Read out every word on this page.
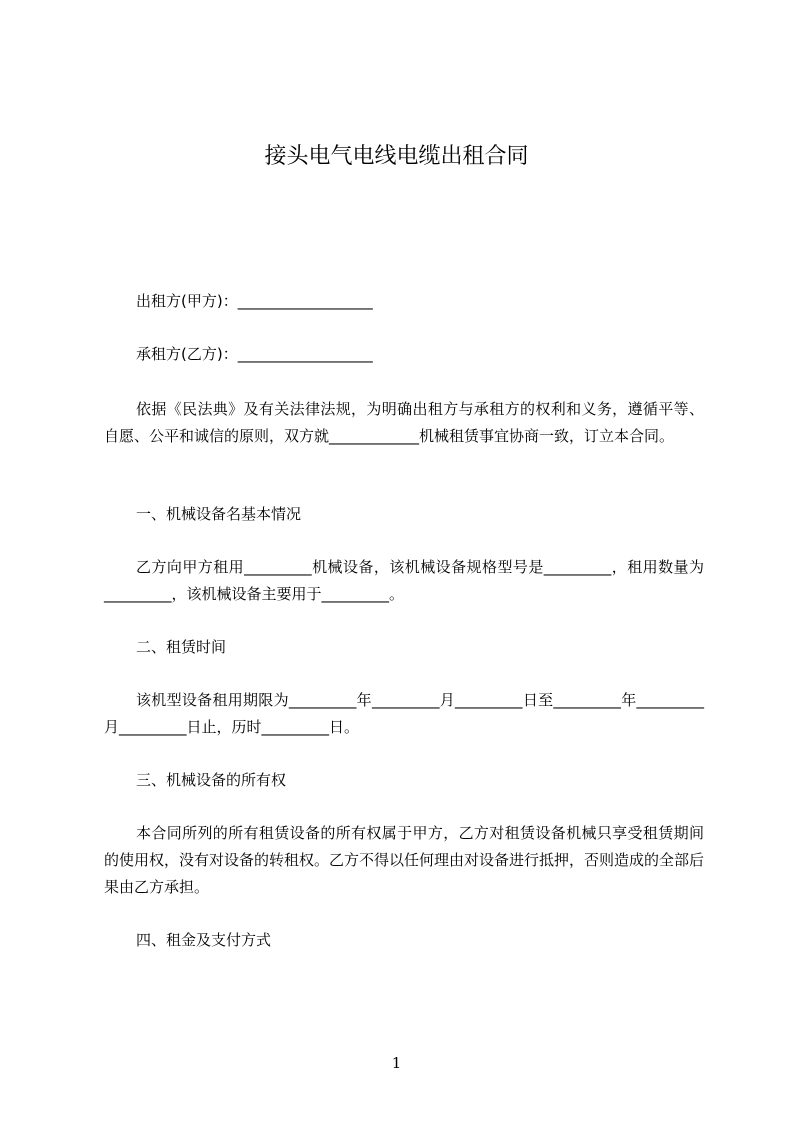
接头电气电线电缆出租合同

出租方(甲方)：__________________

承租方(乙方)：__________________

依据《民法典》及有关法律法规，为明确出租方与承租方的权利和义务，遵循平等、自愿、公平和诚信的原则，双方就____________机械租赁事宜协商一致，订立本合同。

一、机械设备名基本情况

乙方向甲方租用_________机械设备，该机械设备规格型号是_________，租用数量为_________，该机械设备主要用于_________。

二、租赁时间

该机型设备租用期限为_________年_________月_________日至_________年_________月_________日止，历时_________日。

三、机械设备的所有权

本合同所列的所有租赁设备的所有权属于甲方，乙方对租赁设备机械只享受租赁期间的使用权，没有对设备的转租权。乙方不得以任何理由对设备进行抵押，否则造成的全部后果由乙方承担。

四、租金及支付方式

1
